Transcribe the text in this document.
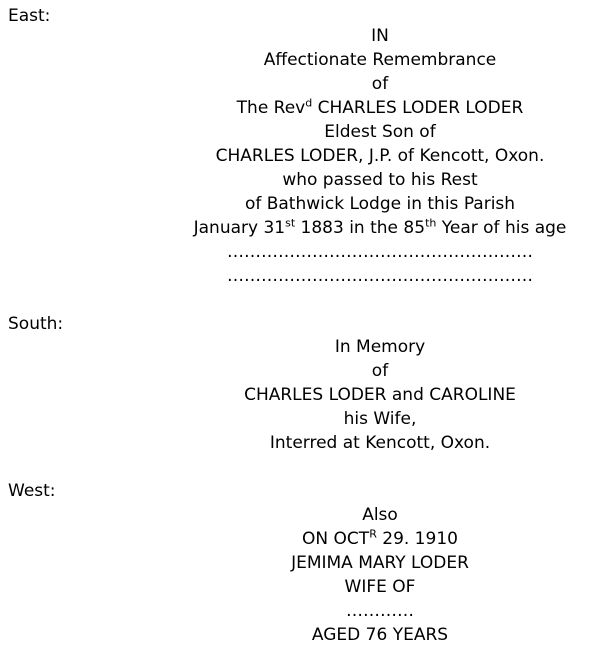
East:
IN
Affectionate Remembrance
of
The Rev$^d$ CHARLES LODER LODER
Eldest Son of
CHARLES LODER, J.P. of Kencott, Oxon.
who passed to his Rest
of Bathwick Lodge in this Parish
January 31st 1883 in the 85th Year of his age
………………………………………………
………………………………………………
South:
In Memory
of
CHARLES LODER and CAROLINE
his Wife,
Interred at Kencott, Oxon.
West:
Also
ON $OCT^R$ 29. 1910
JEMIMA MARY LODER
WIFE OF
…………
AGED 76 YEARS
